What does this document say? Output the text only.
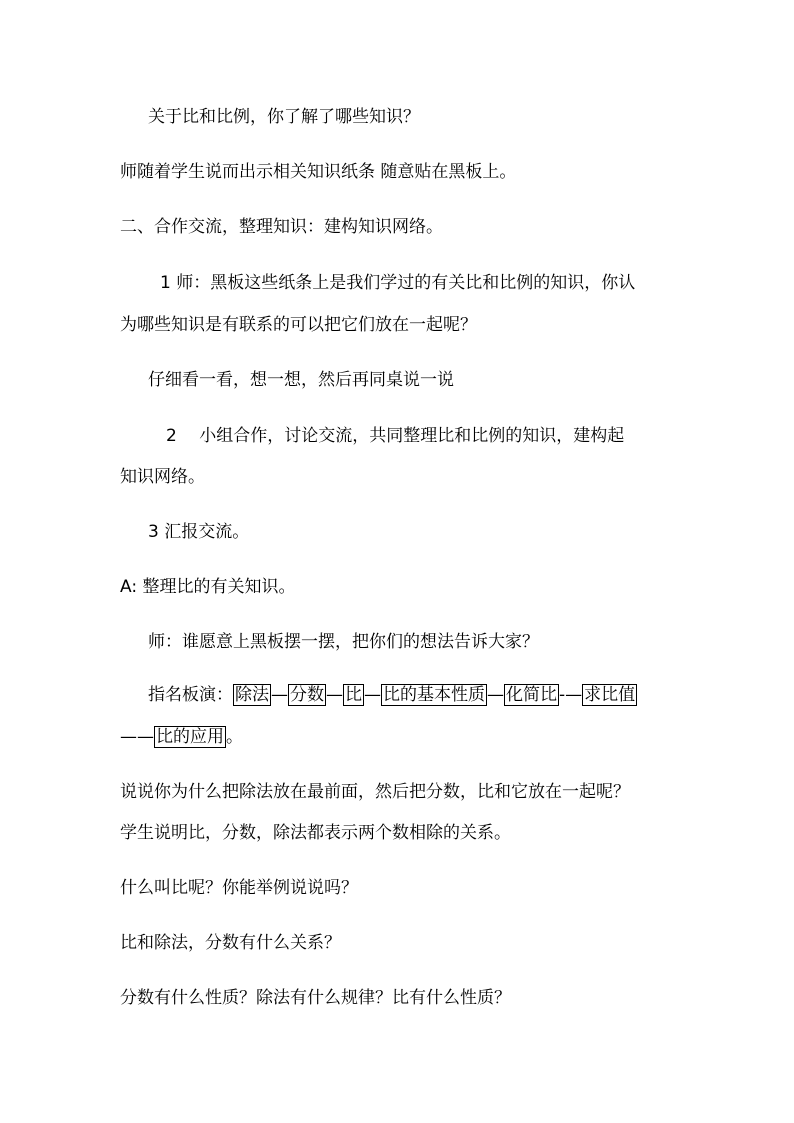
关于比和比例，你了解了哪些知识？
师随着学生说而出示相关知识纸条 随意贴在黑板上。
二、合作交流，整理知识：建构知识网络。
1 师：黑板这些纸条上是我们学过的有关比和比例的知识，你认
为哪些知识是有联系的可以把它们放在一起呢？
仔细看一看，想一想，然后再同桌说一说
2　 小组合作，讨论交流，共同整理比和比例的知识，建构起
知识网络。
3 汇报交流。
A: 整理比的有关知识。
师：谁愿意上黑板摆一摆，把你们的想法告诉大家？
指名板演： 除法 — 分数 — 比 — 比的基本性质 — 化简比 -— 求比值
—— 比的应用 。
说说你为什么把除法放在最前面，然后把分数，比和它放在一起呢？
学生说明比，分数，除法都表示两个数相除的关系。
什么叫比呢？你能举例说说吗？
比和除法，分数有什么关系？
分数有什么性质？除法有什么规律？比有什么性质？
